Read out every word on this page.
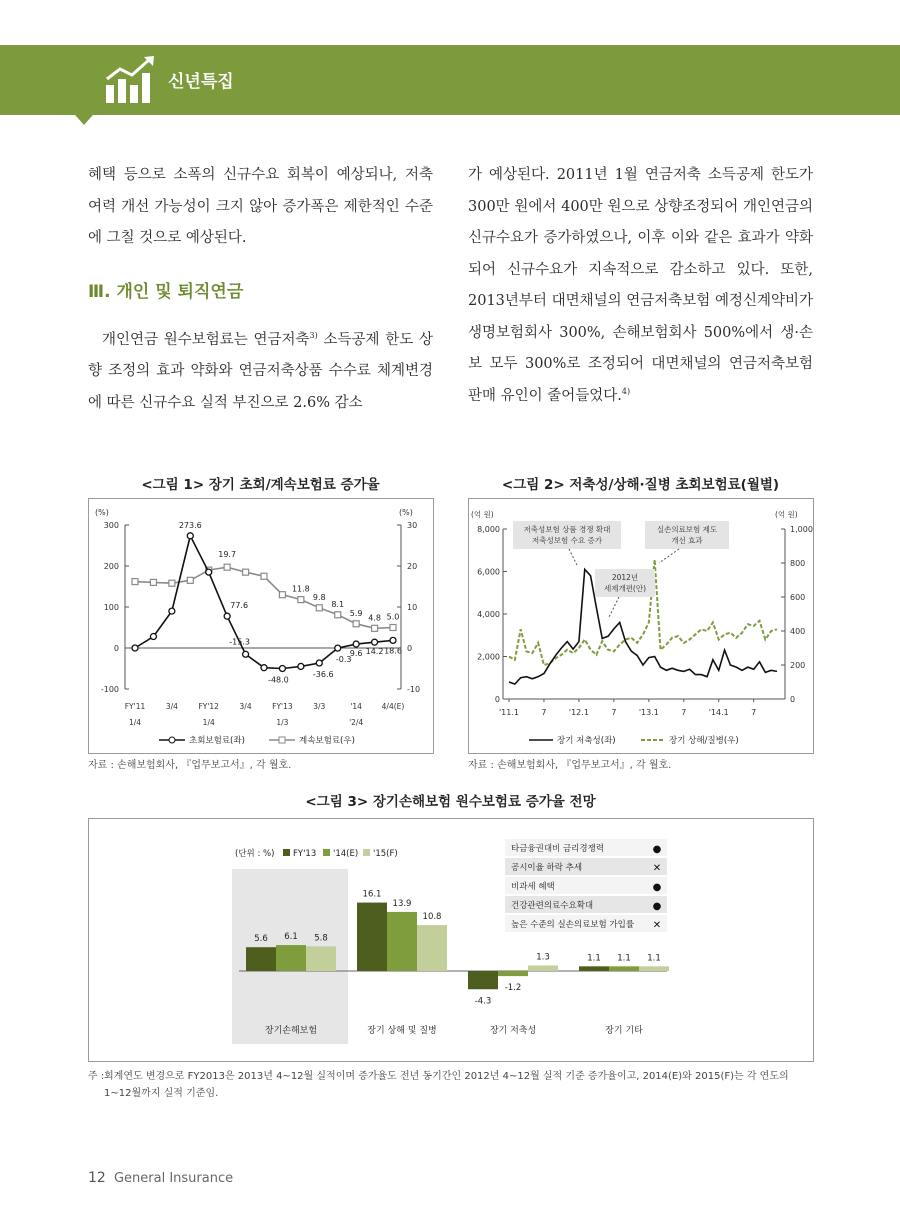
신년특집

혜택 등으로 소폭의 신규수요 회복이 예상되나, 저축 여력 개선 가능성이 크지 않아 증가폭은 제한적인 수준에 그칠 것으로 예상된다.

Ⅲ. 개인 및 퇴직연금

개인연금 원수보험료는 연금저축$^{3)}$ 소득공제 한도 상향 조정의 효과 약화와 연금저축상품 수수료 체계변경에 따른 신규수요 실적 부진으로 2.6% 감소

가 예상된다. 2011년 1월 연금저축 소득공제 한도가 300만 원에서 400만 원으로 상향조정되어 개인연금의 신규수요가 증가하였으나, 이후 이와 같은 효과가 약화되어 신규수요가 지속적으로 감소하고 있다. 또한, 2013년부터 대면채널의 연금저축보험 예정신계약비가 생명보험회사 300%, 손해보험회사 500%에서 생·손보 모두 300%로 조정되어 대면채널의 연금저축보험 판매 유인이 줄어들었다.$^{4)}$

<그림 1> 장기 초회/계속보험료 증가율
(%)	(%)
300
200
100
0
-100
30
20
10
0
-10
FY'11	3/4	FY'12	3/4	FY'13	3/3	'14	4/4(E)
1/4	1/4	1/3	'2/4
273.6
77.6
-15.3
-48.0
-36.6
-0.3
9.6 14.2 18.6
19.7
11.8
9.8
8.1
5.9
4.8 5.0
초회보험료(좌)	계속보험료(우)
자료 : 손해보험회사, 『업무보고서』, 각 월호.
<그림 2> 저축성/상해·질병 초회보험료(월별)
(억 원)	(억 원)
8,000
6,000
4,000
2,000
0
1,000
800
600
400
200
0
'11.1	7	'12.1	7	'13.1	7	'14.1	7
저축성보험 상품 경쟁 확대
저축성보험 수요 증가
실손의료보험 제도
개선 효과
2012년
세제개편(안)
장기 저축성(좌)	장기 상해/질병(우)
자료 : 손해보험회사, 『업무보고서』, 각 월호.
<그림 3> 장기손해보험 원수보험료 증가율 전망
(단위 : %) FY'13 '14(E) '15(F)
5.6 6.1 5.8
장기손해보험
16.1
13.9
10.8
장기 상해 및 질병
-4.3
-1.2
1.3
장기 저축성
1.1 1.1 1.1
장기 기타
타금융권대비 금리경쟁력	●
공시이율 하락 추세	✕
비과세 혜택	●
건강관련의료수요확대	●
높은 수준의 실손의료보험 가입률 ✕
주 : 회계연도 변경으로 FY2013은 2013년 4~12월 실적이며 증가율도 전년 동기간인 2012년 4~12월 실적 기준 증가율이고, 2014(E)와 2015(F)는 각 연도의 1~12월까지 실적 기준임.
12 General Insurance
